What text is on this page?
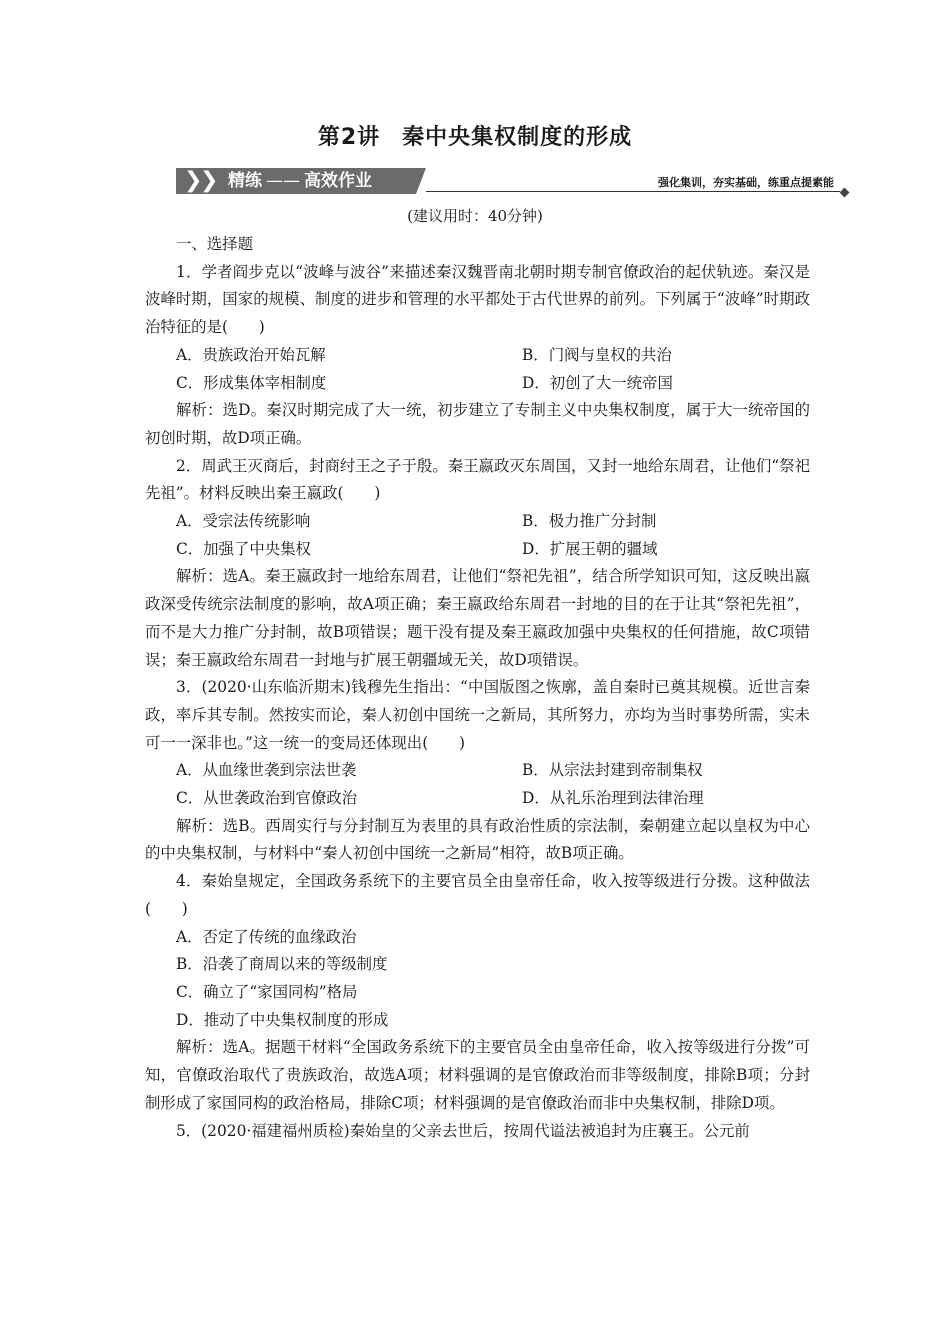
第2讲 秦中央集权制度的形成
❯
❯ 精练 —— 高效作业	强化集训，夯实基础，练重点提素能
(建议用时：40分钟)

一、选择题

1．学者阎步克以“波峰与波谷”来描述秦汉魏晋南北朝时期专制官僚政治的起伏轨迹。秦汉是波峰时期，国家的规模、制度的进步和管理的水平都处于古代世界的前列。下列属于“波峰”时期政治特征的是(　　)

A．贵族政治开始瓦解	B．门阀与皇权的共治
C．形成集体宰相制度	D．初创了大一统帝国

解析：选D。秦汉时期完成了大一统，初步建立了专制主义中央集权制度，属于大一统帝国的初创时期，故D项正确。

2．周武王灭商后，封商纣王之子于殷。秦王嬴政灭东周国，又封一地给东周君，让他们“祭祀先祖”。材料反映出秦王嬴政(　　)

A．受宗法传统影响	B．极力推广分封制
C．加强了中央集权	D．扩展王朝的疆域

解析：选A。秦王嬴政封一地给东周君，让他们“祭祀先祖”，结合所学知识可知，这反映出嬴政深受传统宗法制度的影响，故A项正确；秦王嬴政给东周君一封地的目的在于让其“祭祀先祖”，而不是大力推广分封制，故B项错误；题干没有提及秦王嬴政加强中央集权的任何措施，故C项错误；秦王嬴政给东周君一封地与扩展王朝疆域无关，故D项错误。

3．(2020·山东临沂期末)钱穆先生指出：“中国版图之恢廓，盖自秦时已奠其规模。近世言秦政，率斥其专制。然按实而论，秦人初创中国统一之新局，其所努力，亦均为当时事势所需，实未可一一深非也。”这一统一的变局还体现出(　　)

A．从血缘世袭到宗法世袭	B．从宗法封建到帝制集权
C．从世袭政治到官僚政治	D．从礼乐治理到法律治理

解析：选B。西周实行与分封制互为表里的具有政治性质的宗法制，秦朝建立起以皇权为中心的中央集权制，与材料中“秦人初创中国统一之新局”相符，故B项正确。

4．秦始皇规定，全国政务系统下的主要官员全由皇帝任命，收入按等级进行分拨。这种做法(　　)

A．否定了传统的血缘政治

B．沿袭了商周以来的等级制度

C．确立了“家国同构”格局

D．推动了中央集权制度的形成

解析：选A。据题干材料“全国政务系统下的主要官员全由皇帝任命，收入按等级进行分拨”可知，官僚政治取代了贵族政治，故选A项；材料强调的是官僚政治而非等级制度，排除B项；分封制形成了家国同构的政治格局，排除C项；材料强调的是官僚政治而非中央集权制，排除D项。

5．(2020·福建福州质检)秦始皇的父亲去世后，按周代谥法被追封为庄襄王。公元前
